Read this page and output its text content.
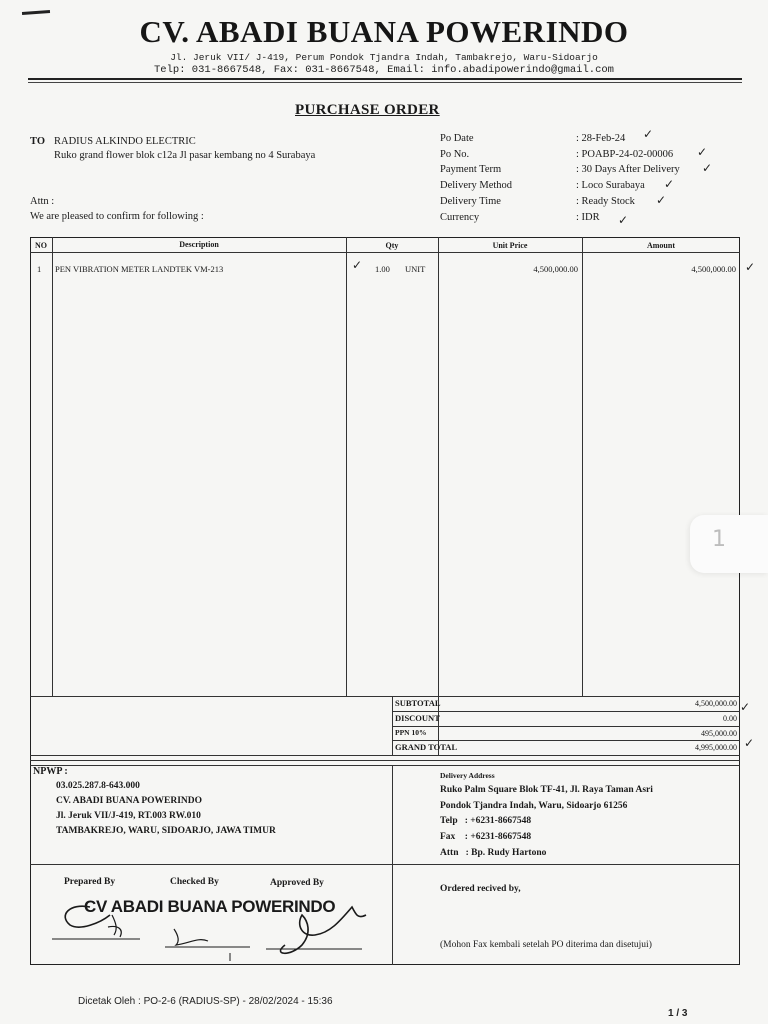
CV. ABADI BUANA POWERINDO
Jl. Jeruk VII/ J-419, Perum Pondok Tjandra Indah, Tambakrejo, Waru-Sidoarjo
Telp: 031-8667548, Fax: 031-8667548, Email: info.abadipowerindo@gmail.com
PURCHASE ORDER
TO RADIUS ALKINDO ELECTRIC
Ruko grand flower blok c12a Jl pasar kembang no 4 Surabaya
Attn :
We are pleased to confirm for following :
Po Date	: 28-Feb-24
Po No.	: POABP-24-02-00006
Payment Term	: 30 Days After Delivery
Delivery Method	: Loco Surabaya
Delivery Time	: Ready Stock
Currency	: IDR
✓
✓
✓
✓
✓
✓
NO	Description	Qty	Unit Price	Amount
1 PEN VIBRATION METER LANDTEK VM-213	1.00 UNIT	4,500,000.00	4,500,000.00
✓	✓
SUBTOTAL	4,500,000.00
DISCOUNT	0.00
PPN 10%	495,000.00
GRAND TOTAL	4,995,000.00
✓
✓
NPWP :
03.025.287.8-643.000
CV. ABADI BUANA POWERINDO
Jl. Jeruk VII/J-419, RT.003 RW.010
TAMBAKREJO, WARU, SIDOARJO, JAWA TIMUR
Delivery Address
Ruko Palm Square Blok TF-41, Jl. Raya Taman Asri
Pondok Tjandra Indah, Waru, Sidoarjo 61256
Telp   : +6231-8667548
Fax    : +6231-8667548
Attn   : Bp. Rudy Hartono
Prepared By	Checked By	Approved By
CV ABADI BUANA POWERINDO
Ordered recived by,
(Mohon Fax kembali setelah PO diterima dan disetujui)
1
Dicetak Oleh : PO-2-6 (RADIUS-SP) - 28/02/2024 - 15:36
1 / 3
